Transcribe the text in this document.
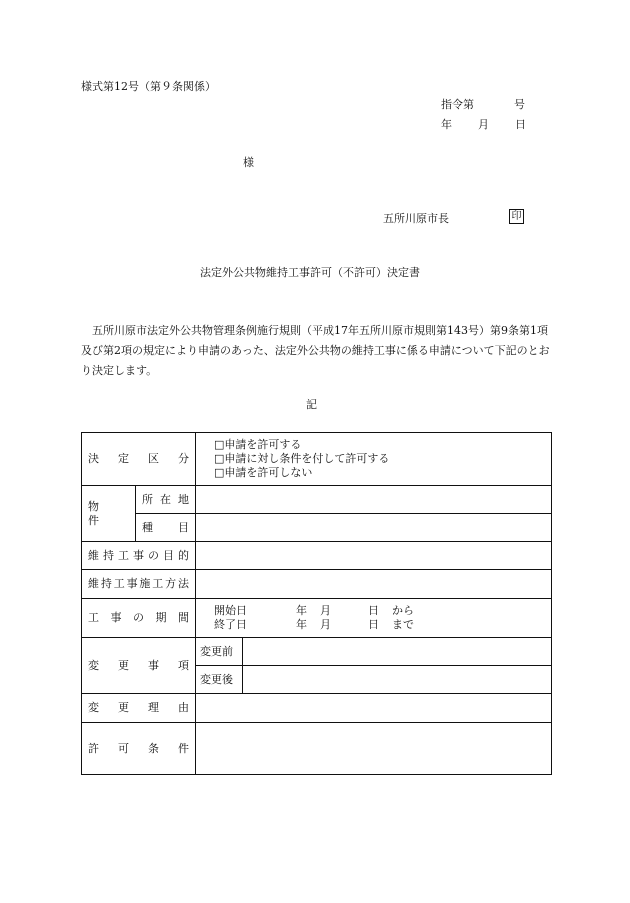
様式第12号（第９条関係）
指令第	号
年 月 日
様
五所川原市長	印
法定外公共物維持工事許可（不許可）決定書

五所川原市法定外公共物管理条例施行規則（平成17年五所川原市規則第143号）第9条第1項及び第2項の規定により申請のあった、法定外公共物の維持工事に係る申請について下記のとおり決定します。

記
決　定　区　分		□申請を許可する
□申請に対し条件を付して許可する
□申請を許可しない	

物　　件	所在地		
	種　目		
維持工事の目的			
維持工事施工方法			
工　事　の　期　間		開始日 年 月 日 から
終了日 年 月 日 まで	

変　更　事　項		変更前	
		変更後	
変　更　理　由			
許　可　条　件			
